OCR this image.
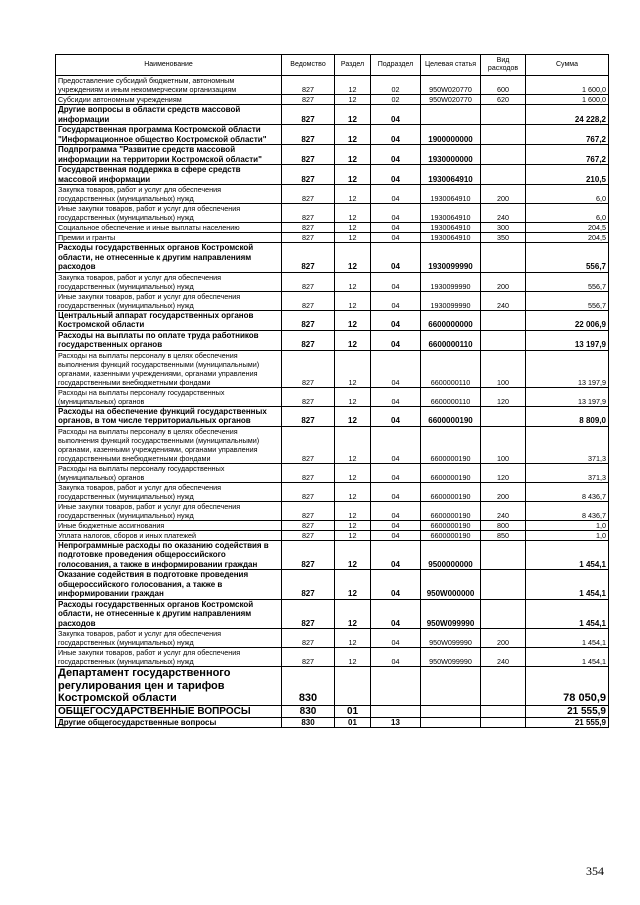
Наименование	Ведомство	Раздел	Подраздел	Целевая статья	Вид расходов	Сумма
Предоставление субсидий бюджетным, автономным учреждениям и иным некоммерческим организациям	827	12	02	950W020770	600	1 600,0
Субсидии автономным учреждениям	827	12	02	950W020770	620	1 600,0
Другие вопросы в области средств массовой информации	827	12	04			24 228,2
Государственная программа Костромской области "Информационное общество Костромской области"	827	12	04	1900000000		767,2
Подпрограмма "Развитие средств массовой информации на территории Костромской области"	827	12	04	1930000000		767,2
Государственная поддержка в сфере средств массовой информации	827	12	04	1930064910		210,5
Закупка товаров, работ и услуг для обеспечения государственных (муниципальных) нужд	827	12	04	1930064910	200	6,0
Иные закупки товаров, работ и услуг для обеспечения государственных (муниципальных) нужд	827	12	04	1930064910	240	6,0
Социальное обеспечение и иные выплаты населению	827	12	04	1930064910	300	204,5
Премии и гранты	827	12	04	1930064910	350	204,5
Расходы государственных органов Костромской области, не отнесенные к другим направлениям расходов	827	12	04	1930099990		556,7
Закупка товаров, работ и услуг для обеспечения государственных (муниципальных) нужд	827	12	04	1930099990	200	556,7
Иные закупки товаров, работ и услуг для обеспечения государственных (муниципальных) нужд	827	12	04	1930099990	240	556,7
Центральный аппарат государственных органов Костромской области	827	12	04	6600000000		22 006,9
Расходы на выплаты по оплате труда работников государственных органов	827	12	04	6600000110		13 197,9
Расходы на выплаты персоналу в целях обеспечения выполнения функций государственными (муниципальными) органами, казенными учреждениями, органами управления государственными внебюджетными фондами	827	12	04	6600000110	100	13 197,9
Расходы на выплаты персоналу государственных (муниципальных) органов	827	12	04	6600000110	120	13 197,9
Расходы на обеспечение функций государственных органов, в том числе территориальных органов	827	12	04	6600000190		8 809,0
Расходы на выплаты персоналу в целях обеспечения выполнения функций государственными (муниципальными) органами, казенными учреждениями, органами управления государственными внебюджетными фондами	827	12	04	6600000190	100	371,3
Расходы на выплаты персоналу государственных (муниципальных) органов	827	12	04	6600000190	120	371,3
Закупка товаров, работ и услуг для обеспечения государственных (муниципальных) нужд	827	12	04	6600000190	200	8 436,7
Иные закупки товаров, работ и услуг для обеспечения государственных (муниципальных) нужд	827	12	04	6600000190	240	8 436,7
Иные бюджетные ассигнования	827	12	04	6600000190	800	1,0
Уплата налогов, сборов и иных платежей	827	12	04	6600000190	850	1,0
Непрограммные расходы по оказанию содействия в подготовке проведения общероссийского голосования, а также в информировании граждан	827	12	04	9500000000		1 454,1
Оказание содействия в подготовке проведения общероссийского голосования, а также в информировании граждан	827	12	04	950W000000		1 454,1
Расходы государственных органов Костромской области, не отнесенные к другим направлениям расходов	827	12	04	950W099990		1 454,1
Закупка товаров, работ и услуг для обеспечения государственных (муниципальных) нужд	827	12	04	950W099990	200	1 454,1
Иные закупки товаров, работ и услуг для обеспечения государственных (муниципальных) нужд	827	12	04	950W099990	240	1 454,1
Департамент государственного регулирования цен и тарифов Костромской области	830					78 050,9
ОБЩЕГОСУДАРСТВЕННЫЕ ВОПРОСЫ	830	01				21 555,9
Другие общегосударственные вопросы	830	01	13			21 555,9
354
